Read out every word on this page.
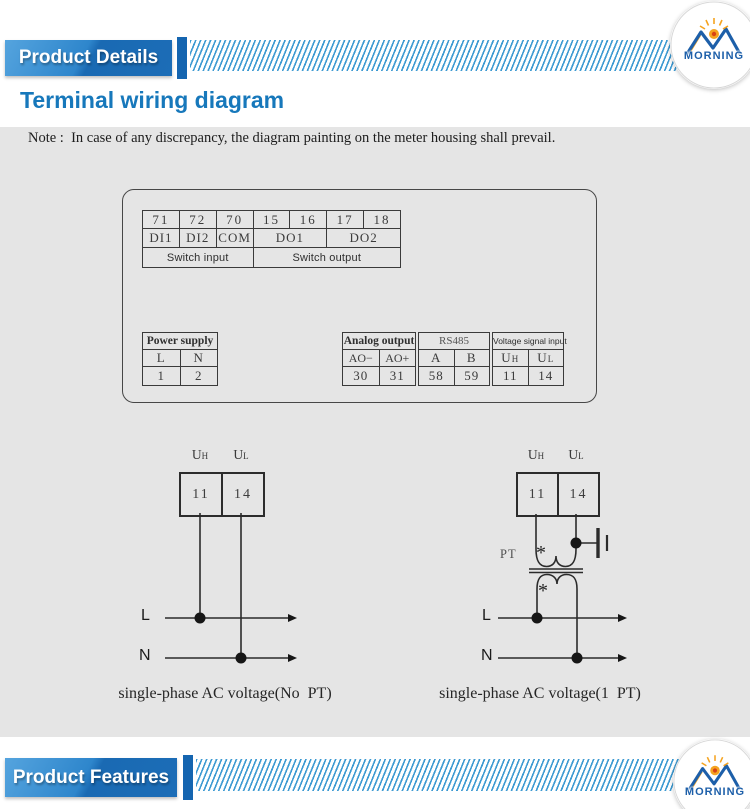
Product Details	MORNING
Terminal wiring diagram
Note :  In case of any discrepancy, the diagram painting on the meter housing shall prevail.
71	72	70	15	16	17	18
DI1	DI2	COM	DO1		DO2	
Switch input			Switch output			
Power supply	
L	N
1	2
Analog output	
AO−	AO+
30	31
RS485	
A	B
58	59
Voltage signal input	
UH	UL
11	14
UH	UL
11	14
L
N
single-phase AC voltage(No  PT)
UH	UL
11	14
PT *
*
L
N
single-phase AC voltage(1  PT)
Product Features
MORNING
